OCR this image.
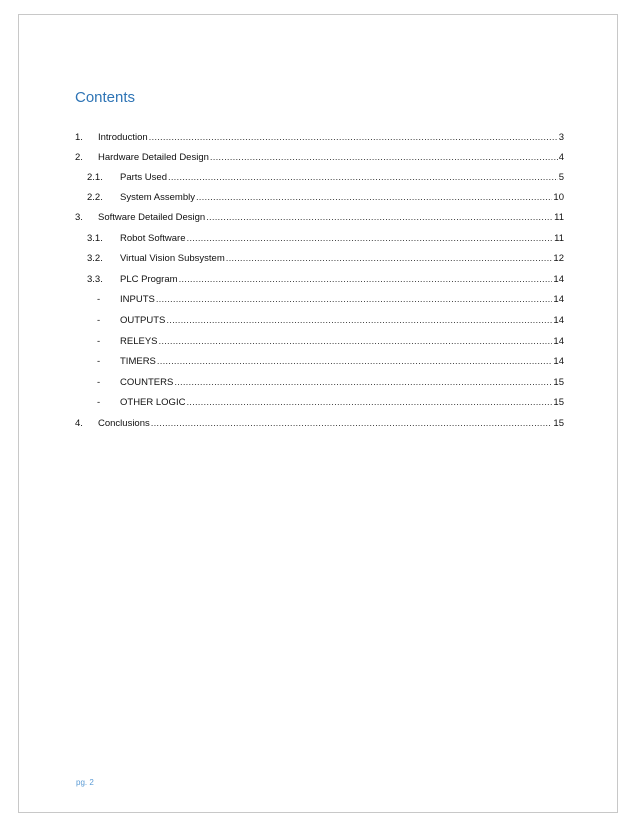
Contents
1.	Introduction .....	3
2.	Hardware Detailed Design .....	4
2.1.	Parts Used .....	5
2.2.	System Assembly .....	10
3.	Software Detailed Design .....	11
3.1.	Robot Software .....	11
3.2.	Virtual Vision Subsystem .....	12
3.3.	PLC Program .....	14
-	INPUTS .....	14
-	OUTPUTS .....	14
-	RELEYS .....	14
-	TIMERS .....	14
-	COUNTERS .....	15
-	OTHER LOGIC .....	15
4.	Conclusions .....	15
pg. 2
